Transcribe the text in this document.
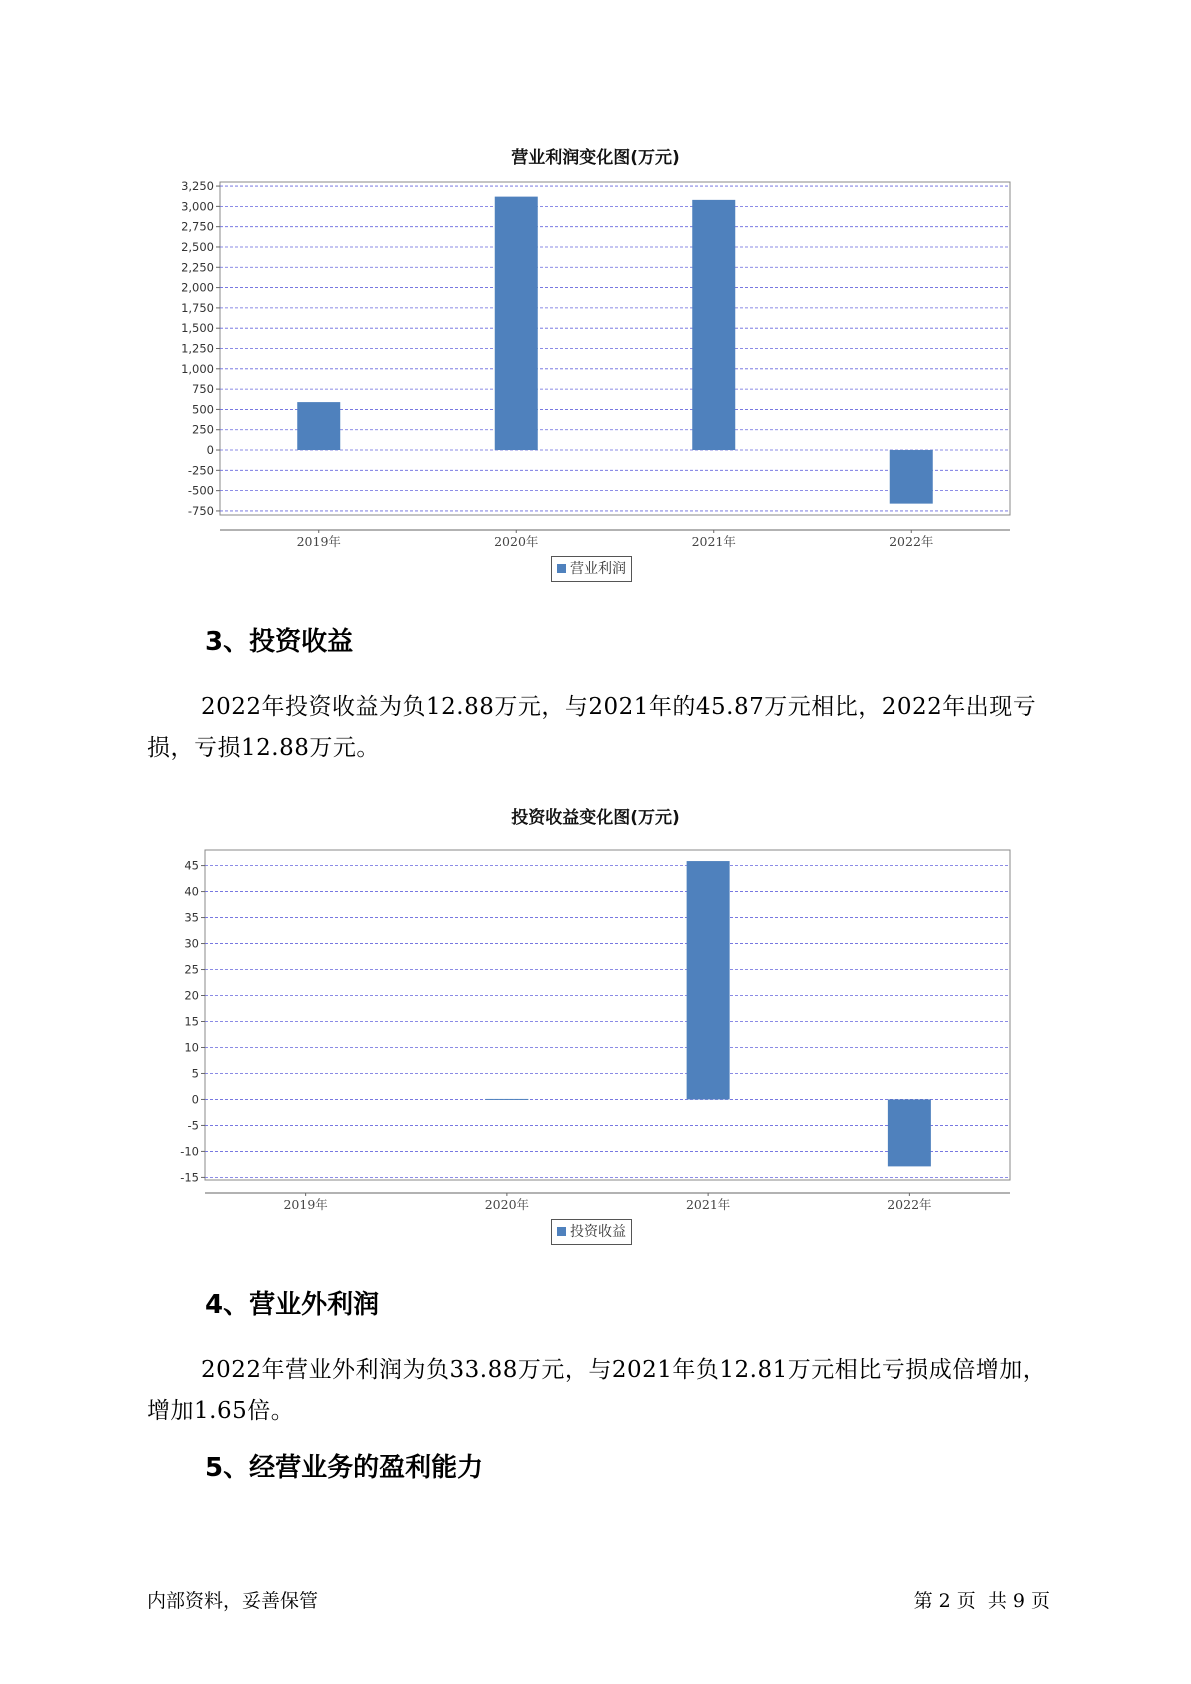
营业利润变化图(万元)
3,250
3,000
2,750
2,500
2,250
2,000
1,750
1,500
1,250
1,000
750
500
250
0
-250
-500
-750
2019年	2020年	2021年	2022年
营业利润
3、投资收益
2022年投资收益为负12.88万元，与2021年的45.87万元相比，2022年出现亏损，亏损12.88万元。
投资收益变化图(万元)
45
40
35
30
25
20
15
10
5
0
-5
-10
-15
2019年	2020年	2021年	2022年
投资收益
4、营业外利润
2022年营业外利润为负33.88万元，与2021年负12.81万元相比亏损成倍增加，增加1.65倍。
5、经营业务的盈利能力
内部资料，妥善保管	第 2 页  共 9 页
